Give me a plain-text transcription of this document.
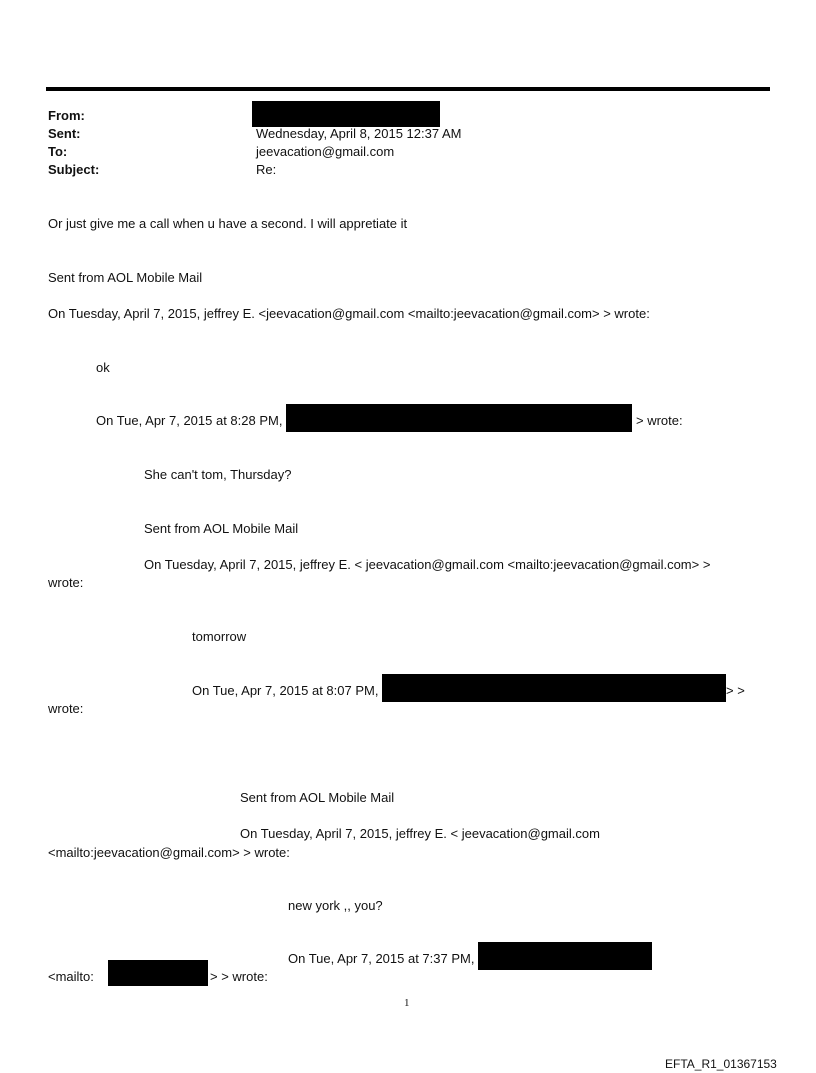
From:
Sent:	Wednesday, April 8, 2015 12:37 AM
To:	jeevacation@gmail.com
Subject:	Re:
Or just give me a call when u have a second. I will appretiate it
Sent from AOL Mobile Mail
On Tuesday, April 7, 2015, jeffrey E. <jeevacation@gmail.com <mailto:jeevacation@gmail.com> > wrote:
ok
On Tue, Apr 7, 2015 at 8:28 PM,	> wrote:
She can't tom, Thursday?
Sent from AOL Mobile Mail
On Tuesday, April 7, 2015, jeffrey E. < jeevacation@gmail.com <mailto:jeevacation@gmail.com> >
wrote:
tomorrow
On Tue, Apr 7, 2015 at 8:07 PM,	> >
wrote:
Sent from AOL Mobile Mail
On Tuesday, April 7, 2015, jeffrey E. < jeevacation@gmail.com
<mailto:jeevacation@gmail.com> > wrote:
new york ,, you?
On Tue, Apr 7, 2015 at 7:37 PM,
<mailto:	> > wrote:
1
EFTA_R1_01367153
